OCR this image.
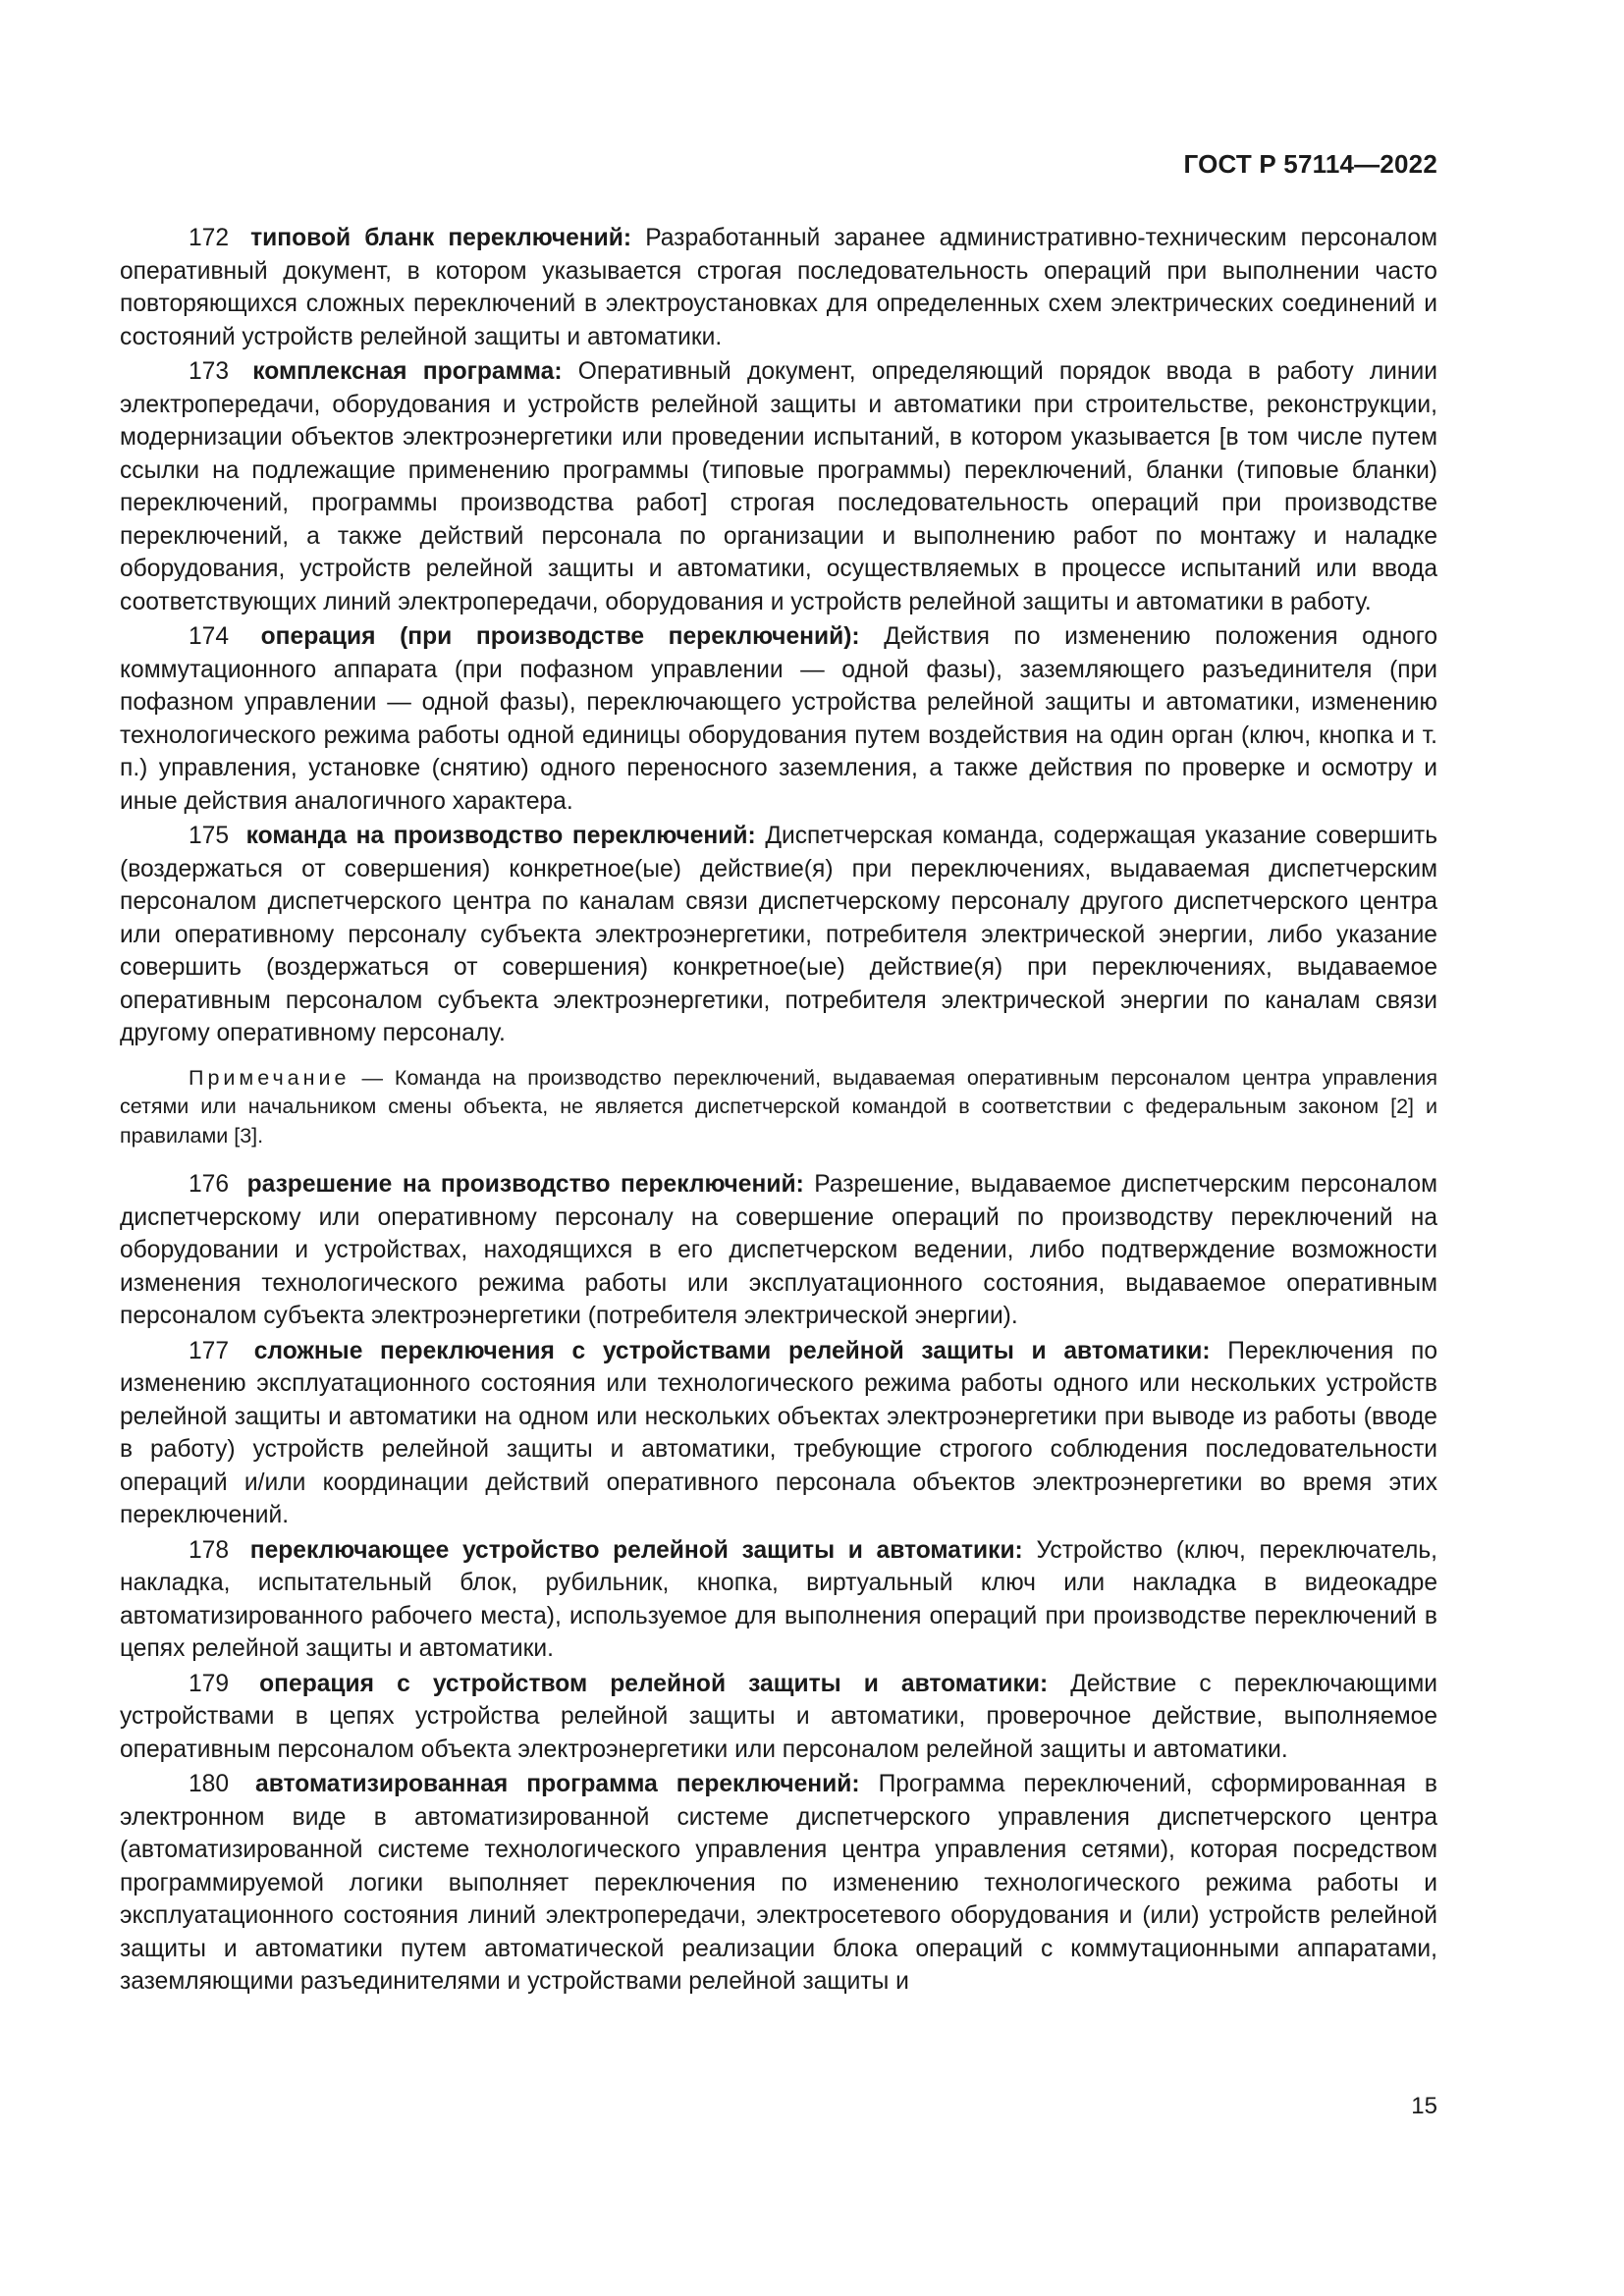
ГОСТ Р 57114—2022

172 типовой бланк переключений: Разработанный заранее административно-техническим персоналом оперативный документ, в котором указывается строгая последовательность операций при выполнении часто повторяющихся сложных переключений в электроустановках для определенных схем электрических соединений и состояний устройств релейной защиты и автоматики.

173 комплексная программа: Оперативный документ, определяющий порядок ввода в работу линии электропередачи, оборудования и устройств релейной защиты и автоматики при строительстве, реконструкции, модернизации объектов электроэнергетики или проведении испытаний, в котором указывается [в том числе путем ссылки на подлежащие применению программы (типовые программы) переключений, бланки (типовые бланки) переключений, программы производства работ] строгая последовательность операций при производстве переключений, а также действий персонала по организации и выполнению работ по монтажу и наладке оборудования, устройств релейной защиты и автоматики, осуществляемых в процессе испытаний или ввода соответствующих линий электропередачи, оборудования и устройств релейной защиты и автоматики в работу.

174 операция (при производстве переключений): Действия по изменению положения одного коммутационного аппарата (при пофазном управлении — одной фазы), заземляющего разъединителя (при пофазном управлении — одной фазы), переключающего устройства релейной защиты и автоматики, изменению технологического режима работы одной единицы оборудования путем воздействия на один орган (ключ, кнопка и т. п.) управления, установке (снятию) одного переносного заземления, а также действия по проверке и осмотру и иные действия аналогичного характера.

175 команда на производство переключений: Диспетчерская команда, содержащая указание совершить (воздержаться от совершения) конкретное(ые) действие(я) при переключениях, выдаваемая диспетчерским персоналом диспетчерского центра по каналам связи диспетчерскому персоналу другого диспетчерского центра или оперативному персоналу субъекта электроэнергетики, потребителя электрической энергии, либо указание совершить (воздержаться от совершения) конкретное(ые) действие(я) при переключениях, выдаваемое оперативным персоналом субъекта электроэнергетики, потребителя электрической энергии по каналам связи другому оперативному персоналу.

Примечание — Команда на производство переключений, выдаваемая оперативным персоналом центра управления сетями или начальником смены объекта, не является диспетчерской командой в соответствии с федеральным законом [2] и правилами [3].

176 разрешение на производство переключений: Разрешение, выдаваемое диспетчерским персоналом диспетчерскому или оперативному персоналу на совершение операций по производству переключений на оборудовании и устройствах, находящихся в его диспетчерском ведении, либо подтверждение возможности изменения технологического режима работы или эксплуатационного состояния, выдаваемое оперативным персоналом субъекта электроэнергетики (потребителя электрической энергии).

177 сложные переключения с устройствами релейной защиты и автоматики: Переключения по изменению эксплуатационного состояния или технологического режима работы одного или нескольких устройств релейной защиты и автоматики на одном или нескольких объектах электроэнергетики при выводе из работы (вводе в работу) устройств релейной защиты и автоматики, требующие строгого соблюдения последовательности операций и/или координации действий оперативного персонала объектов электроэнергетики во время этих переключений.

178 переключающее устройство релейной защиты и автоматики: Устройство (ключ, переключатель, накладка, испытательный блок, рубильник, кнопка, виртуальный ключ или накладка в видеокадре автоматизированного рабочего места), используемое для выполнения операций при производстве переключений в цепях релейной защиты и автоматики.

179 операция с устройством релейной защиты и автоматики: Действие с переключающими устройствами в цепях устройства релейной защиты и автоматики, проверочное действие, выполняемое оперативным персоналом объекта электроэнергетики или персоналом релейной защиты и автоматики.

180 автоматизированная программа переключений: Программа переключений, сформированная в электронном виде в автоматизированной системе диспетчерского управления диспетчерского центра (автоматизированной системе технологического управления центра управления сетями), которая посредством программируемой логики выполняет переключения по изменению технологического режима работы и эксплуатационного состояния линий электропередачи, электросетевого оборудования и (или) устройств релейной защиты и автоматики путем автоматической реализации блока операций с коммутационными аппаратами, заземляющими разъединителями и устройствами релейной защиты и

15
